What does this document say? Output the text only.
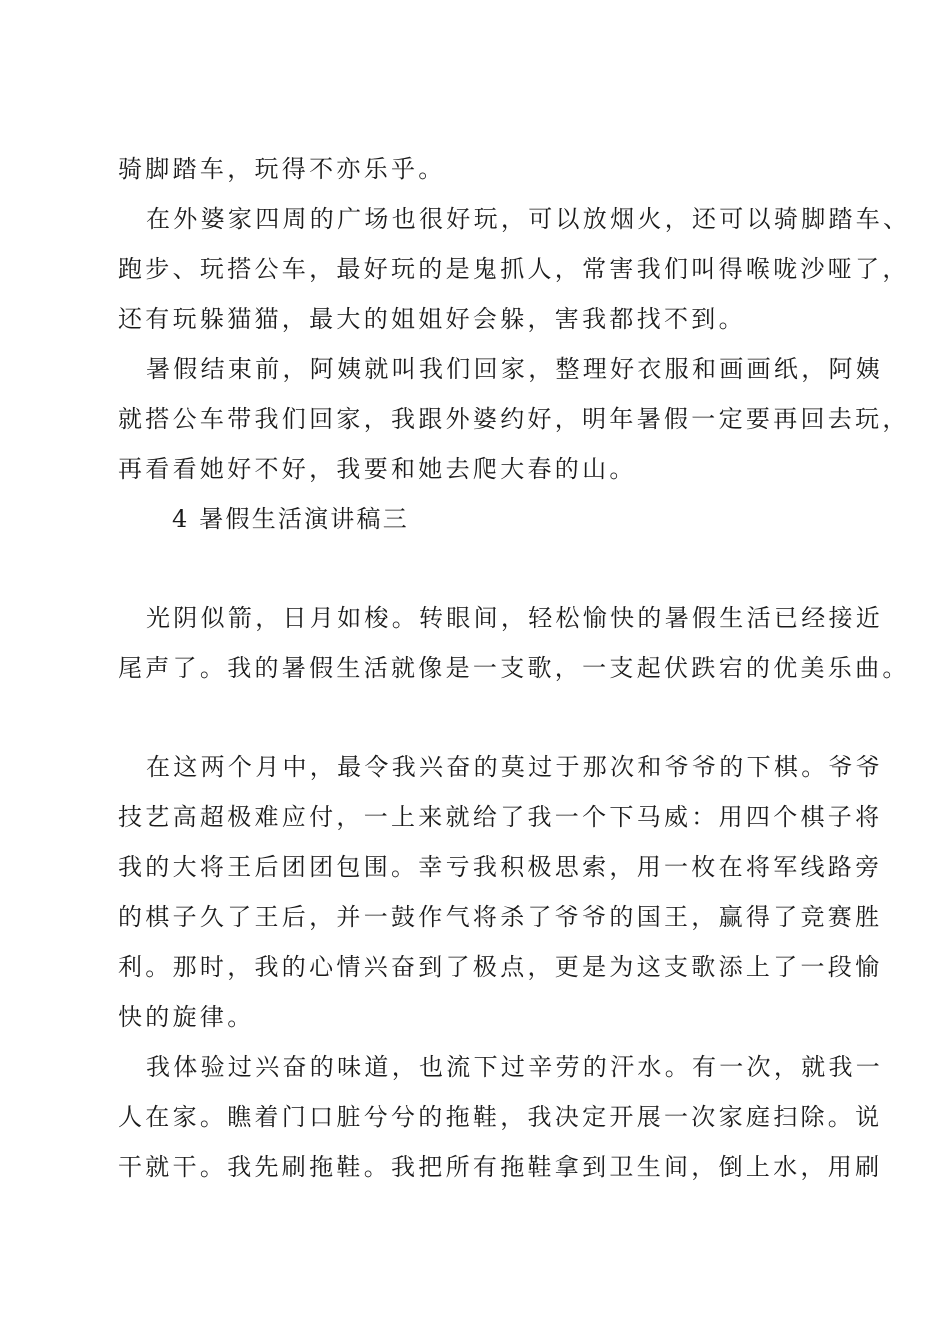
骑脚踏车，玩得不亦乐乎。
在外婆家四周的广场也很好玩，可以放烟火，还可以骑脚踏车、
跑步、玩搭公车，最好玩的是鬼抓人，常害我们叫得喉咙沙哑了，
还有玩躲猫猫，最大的姐姐好会躲，害我都找不到。
暑假结束前，阿姨就叫我们回家，整理好衣服和画画纸，阿姨
就搭公车带我们回家，我跟外婆约好，明年暑假一定要再回去玩，
再看看她好不好，我要和她去爬大春的山。
4 暑假生活演讲稿三
光阴似箭，日月如梭。转眼间，轻松愉快的暑假生活已经接近
尾声了。我的暑假生活就像是一支歌，一支起伏跌宕的优美乐曲。
在这两个月中，最令我兴奋的莫过于那次和爷爷的下棋。爷爷
技艺高超极难应付，一上来就给了我一个下马威：用四个棋子将
我的大将王后团团包围。幸亏我积极思索，用一枚在将军线路旁
的棋子久了王后，并一鼓作气将杀了爷爷的国王，赢得了竞赛胜
利。那时，我的心情兴奋到了极点，更是为这支歌添上了一段愉
快的旋律。
我体验过兴奋的味道，也流下过辛劳的汗水。有一次，就我一
人在家。瞧着门口脏兮兮的拖鞋，我决定开展一次家庭扫除。说
干就干。我先刷拖鞋。我把所有拖鞋拿到卫生间，倒上水，用刷
